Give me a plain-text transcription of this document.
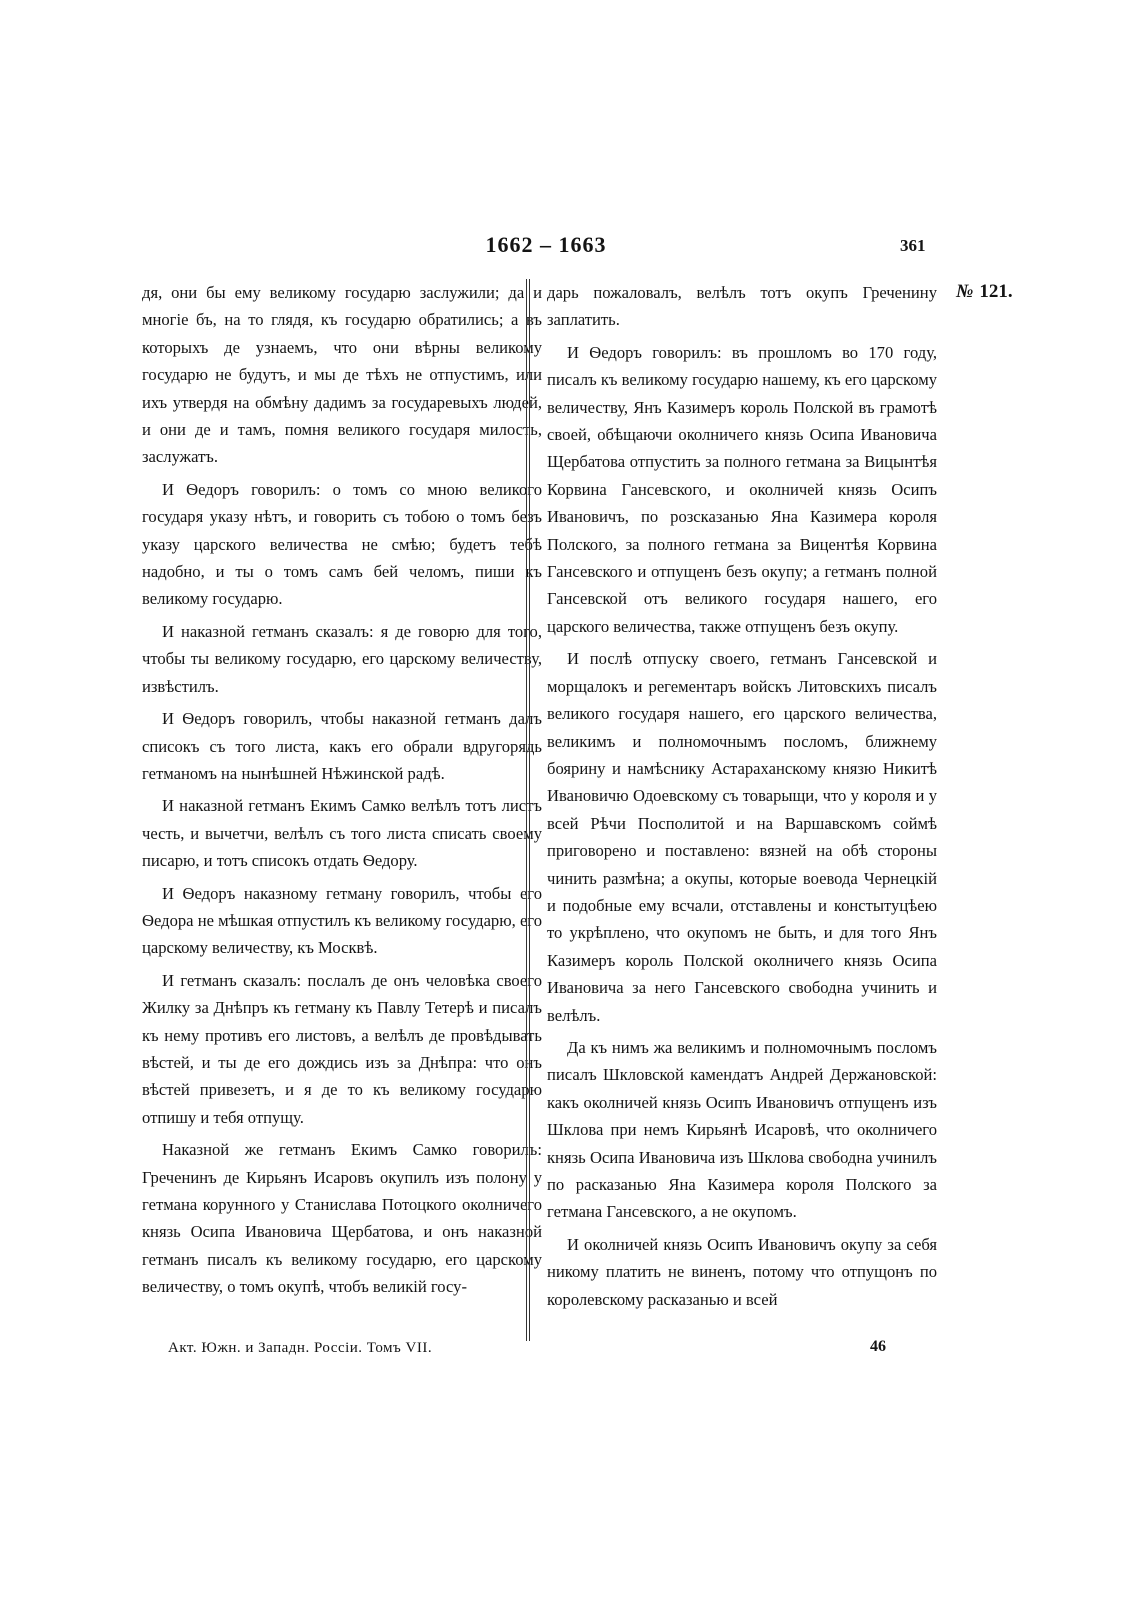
1662 – 1663	361
№ 121.

дя, они бы ему великому государю заслужили; да и многіе бъ, на то глядя, къ государю обратились; а въ которыхъ де узнаемъ, что они вѣрны великому государю не будутъ, и мы де тѣхъ не отпустимъ, или ихъ утвердя на обмѣну дадимъ за государевыхъ людей, и они де и тамъ, помня великого государя милость, заслужатъ.

И Ѳедоръ говорилъ: о томъ со мною великого государя указу нѣтъ, и говорить съ тобою о томъ безъ указу царского величества не смѣю; будетъ тебѣ надобно, и ты о томъ самъ бей челомъ, пиши къ великому государю.

И наказной гетманъ сказалъ: я де говорю для того, чтобы ты великому государю, его царскому величеству, извѣстилъ.

И Ѳедоръ говорилъ, чтобы наказной гетманъ далъ списокъ съ того листа, какъ его обрали вдругорядь гетманомъ на нынѣшней Нѣжинской радѣ.

И наказной гетманъ Екимъ Самко велѣлъ тотъ листъ честь, и вычетчи, велѣлъ съ того листа списать своему писарю, и тотъ списокъ отдать Ѳедору.

И Ѳедоръ наказному гетману говорилъ, чтобы его Ѳедора не мѣшкая отпустилъ къ великому государю, его царскому величеству, къ Москвѣ.

И гетманъ сказалъ: послалъ де онъ человѣка своего Жилку за Днѣпръ къ гетману къ Павлу Тетерѣ и писалъ къ нему противъ его листовъ, а велѣлъ де провѣдывать вѣстей, и ты де его дождись изъ за Днѣпра: что онъ вѣстей привезетъ, и я де то къ великому государю отпишу и тебя отпущу.

Наказной же гетманъ Екимъ Самко говорилъ: Греченинъ де Кирьянъ Исаровъ окупилъ изъ полону у гетмана корунного у Станислава Потоцкого околничего князь Осипа Ивановича Щербатова, и онъ наказной гетманъ писалъ къ великому государю, его царскому величеству, о томъ окупѣ, чтобъ великій госу-

дарь пожаловалъ, велѣлъ тотъ окупъ Греченину заплатить.

И Ѳедоръ говорилъ: въ прошломъ во 170 году, писалъ къ великому государю нашему, къ его царскому величеству, Янъ Казимеръ король Полской въ грамотѣ своей, обѣщаючи околничего князь Осипа Ивановича Щербатова отпустить за полного гетмана за Вицынтѣя Корвина Гансевского, и околничей князь Осипъ Ивановичъ, по розсказанью Яна Казимера короля Полского, за полного гетмана за Вицентѣя Корвина Гансевского и отпущенъ безъ окупу; а гетманъ полной Гансевской отъ великого государя нашего, его царского величества, также отпущенъ безъ окупу.

И послѣ отпуску своего, гетманъ Гансевской и морщалокъ и регементаръ войскъ Литовскихъ писалъ великого государя нашего, его царского величества, великимъ и полномочнымъ посломъ, ближнему боярину и намѣснику Астараханскому князю Никитѣ Ивановичю Одоевскому съ товарыщи, что у короля и у всей Рѣчи Посполитой и на Варшавскомъ соймѣ приговорено и поставлено: вязней на обѣ стороны чинить размѣна; а окупы, которые воевода Чернецкій и подобные ему всчали, отставлены и констытуцѣею то укрѣплено, что окупомъ не быть, и для того Янъ Казимеръ король Полской околничего князь Осипа Ивановича за него Гансевского свободна учинить и велѣлъ.

Да къ нимъ жа великимъ и полномочнымъ посломъ писалъ Шкловской камендатъ Андрей Держановской: какъ околничей князь Осипъ Ивановичъ отпущенъ изъ Шклова при немъ Кирьянѣ Исаровѣ, что околничего князь Осипа Ивановича изъ Шклова свободна учинилъ по расказанью Яна Казимера короля Полского за гетмана Гансевского, а не окупомъ.

И околничей князь Осипъ Ивановичъ окупу за себя никому платить не виненъ, потому что отпущонъ по королевскому расказанью и всей

Акт. Южн. и Западн. Россіи. Томъ VII.	46
